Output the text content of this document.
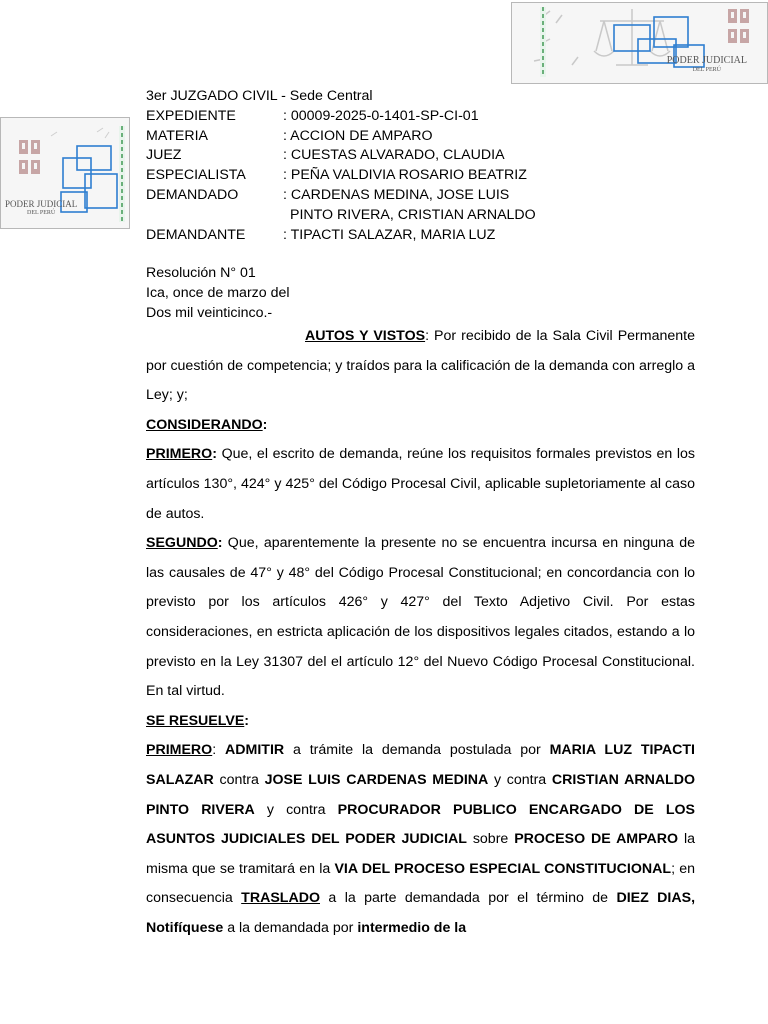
PODER JUDICIAL
DEL PERÚ
PODER JUDICIAL
DEL PERÚ
3er JUZGADO CIVIL - Sede Central
EXPEDIENTE	: 00009-2025-0-1401-SP-CI-01
MATERIA	: ACCION DE AMPARO
JUEZ	: CUESTAS ALVARADO, CLAUDIA
ESPECIALISTA	: PEÑA VALDIVIA ROSARIO BEATRIZ
DEMANDADO	: CARDENAS MEDINA, JOSE LUIS
PINTO RIVERA, CRISTIAN ARNALDO
DEMANDANTE	: TIPACTI SALAZAR, MARIA LUZ
Resolución N° 01
Ica, once de marzo del
Dos mil veinticinco.-

AUTOS Y VISTOS: Por recibido de la Sala Civil Permanente por cuestión de competencia; y traídos para la calificación de la demanda con arreglo a Ley; y;

CONSIDERANDO:

PRIMERO: Que, el escrito de demanda, reúne los requisitos formales previstos en los artículos 130°, 424° y 425° del Código Procesal Civil, aplicable supletoriamente al caso de autos.

SEGUNDO: Que, aparentemente la presente no se encuentra incursa en ninguna de las causales de 47° y 48° del Código Procesal Constitucional; en concordancia con lo previsto por los artículos 426° y 427° del Texto Adjetivo Civil. Por estas consideraciones, en estricta aplicación de los dispositivos legales citados, estando a lo previsto en la Ley 31307 del el artículo 12° del Nuevo Código Procesal Constitucional. En tal virtud.

SE RESUELVE:

PRIMERO: ADMITIR a trámite la demanda postulada por MARIA LUZ TIPACTI SALAZAR contra JOSE LUIS CARDENAS MEDINA y contra CRISTIAN ARNALDO PINTO RIVERA y contra PROCURADOR PUBLICO ENCARGADO DE LOS ASUNTOS JUDICIALES DEL PODER JUDICIAL sobre PROCESO DE AMPARO la misma que se tramitará en la VIA DEL PROCESO ESPECIAL CONSTITUCIONAL; en consecuencia TRASLADO a la parte demandada por el término de DIEZ DIAS, Notifíquese a la demandada por intermedio de la
